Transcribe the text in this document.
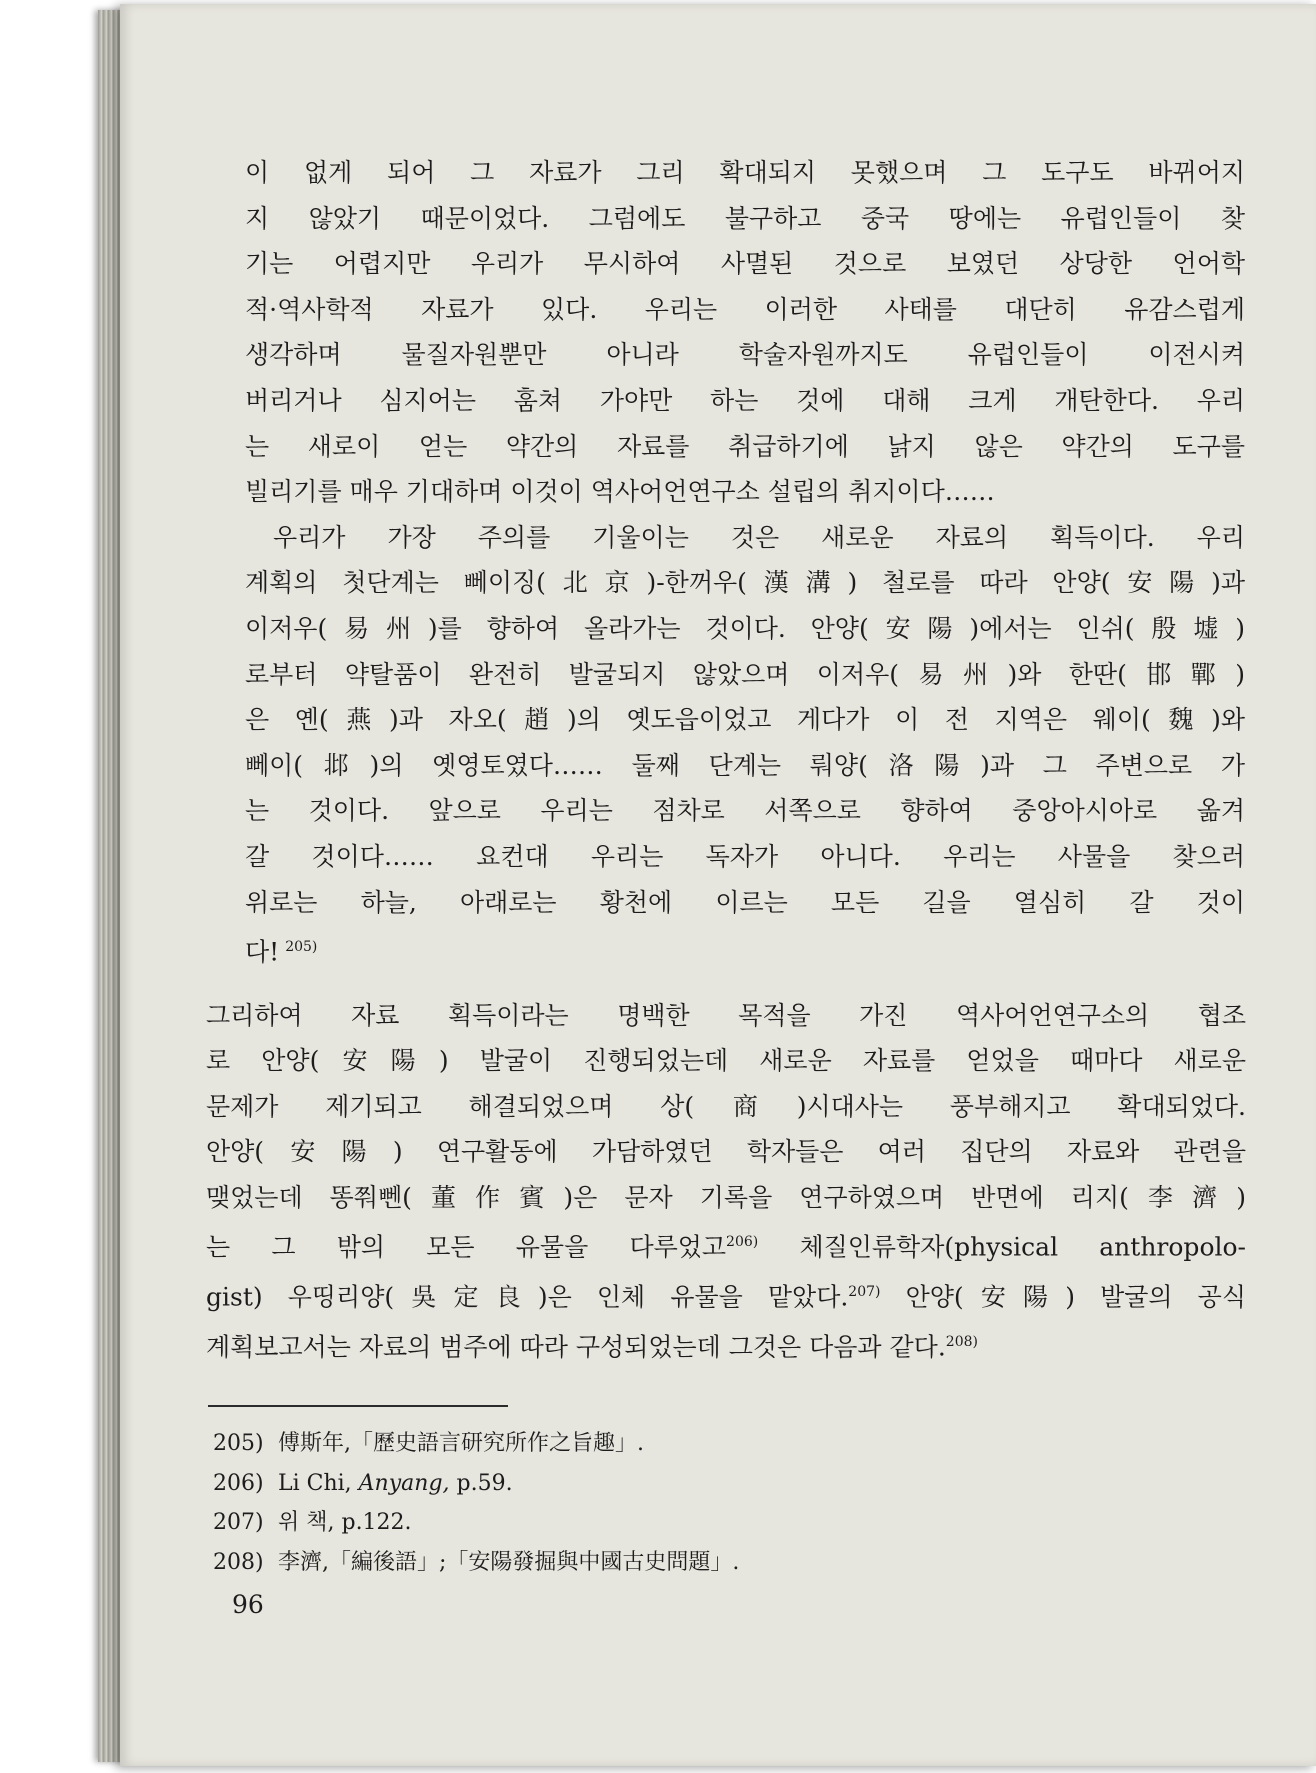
이 없게 되어 그 자료가 그리 확대되지 못했으며 그 도구도 바뀌어지

지 않았기 때문이었다. 그럼에도 불구하고 중국 땅에는 유럽인들이 찾

기는 어렵지만 우리가 무시하여 사멸된 것으로 보였던 상당한 언어학

적·역사학적 자료가 있다. 우리는 이러한 사태를 대단히 유감스럽게

생각하며 물질자원뿐만 아니라 학술자원까지도 유럽인들이 이전시켜

버리거나 심지어는 훔쳐 가야만 하는 것에 대해 크게 개탄한다. 우리

는 새로이 얻는 약간의 자료를 취급하기에 낡지 않은 약간의 도구를

빌리기를 매우 기대하며 이것이 역사어언연구소 설립의 취지이다……

우리가 가장 주의를 기울이는 것은 새로운 자료의 획득이다. 우리

계획의 첫단계는 뻬이징(北京)-한꺼우(漢溝) 철로를 따라 안양(安陽)과

이저우(易州)를 향하여 올라가는 것이다. 안양(安陽)에서는 인쉬(殷墟)

로부터 약탈품이 완전히 발굴되지 않았으며 이저우(易州)와 한딴(邯鄲)

은 옌(燕)과 자오(趙)의 옛도읍이었고 게다가 이 전 지역은 웨이(魏)와

뻬이(邶)의 옛영토였다…… 둘째 단계는 뤄양(洛陽)과 그 주변으로 가

는 것이다. 앞으로 우리는 점차로 서쪽으로 향하여 중앙아시아로 옮겨

갈 것이다…… 요컨대 우리는 독자가 아니다. 우리는 사물을 찾으러

위로는 하늘, 아래로는 황천에 이르는 모든 길을 열심히 갈 것이

다! $^{205)}$

그리하여 자료 획득이라는 명백한 목적을 가진 역사어언연구소의 협조

로 안양(安陽) 발굴이 진행되었는데 새로운 자료를 얻었을 때마다 새로운

문제가 제기되고 해결되었으며 상(商)시대사는 풍부해지고 확대되었다.

안양(安陽) 연구활동에 가담하였던 학자들은 여러 집단의 자료와 관련을

맺었는데 똥쭤뻰(董作賓)은 문자 기록을 연구하였으며 반면에 리지(李濟)

는 그 밖의 모든 유물을 다루었고$^{206)}$ 체질인류학자(physical anthropolo-

gist) 우띵리양(吳定良)은 인체 유물을 맡았다.$^{207)}$ 안양(安陽) 발굴의 공식

계획보고서는 자료의 범주에 따라 구성되었는데 그것은 다음과 같다.$^{208)}$

205) 傅斯年,「歷史語言研究所作之旨趣」.
206) Li Chi, Anyang, p.59.
207) 위 책, p.122.
208) 李濟,「編後語」;「安陽發掘與中國古史問題」.
96
